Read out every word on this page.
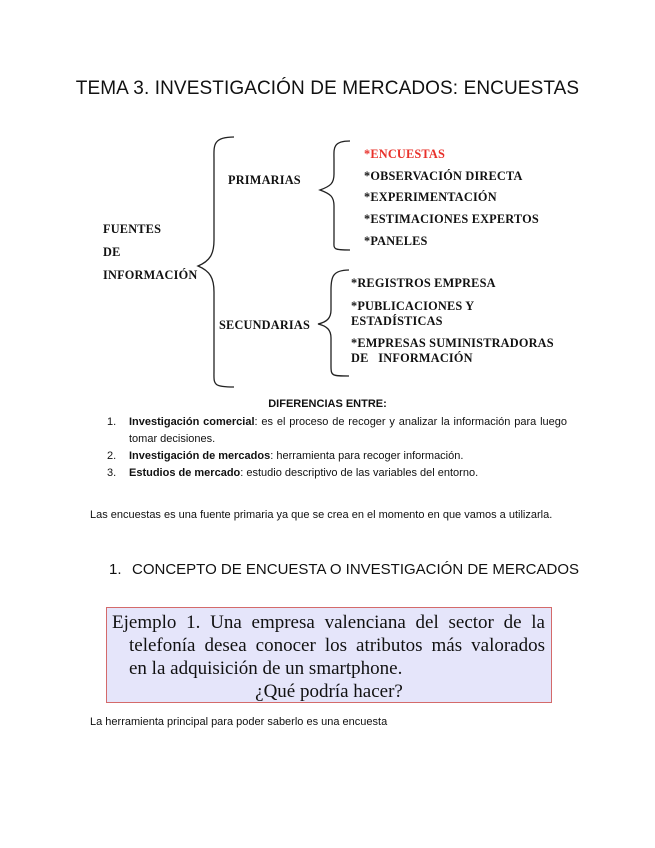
TEMA 3. INVESTIGACIÓN DE MERCADOS: ENCUESTAS
FUENTES
DE
INFORMACIÓN
PRIMARIAS
SECUNDARIAS
*ENCUESTAS
*OBSERVACIÓN DIRECTA
*EXPERIMENTACIÓN
*ESTIMACIONES EXPERTOS
*PANELES
*REGISTROS EMPRESA
*PUBLICACIONES Y
ESTADÍSTICAS
*EMPRESAS SUMINISTRADORAS
DE   INFORMACIÓN
DIFERENCIAS ENTRE:
1. Investigación comercial: es el proceso de recoger y analizar la información para luego tomar decisiones.
2. Investigación de mercados: herramienta para recoger información.
3. Estudios de mercado: estudio descriptivo de las variables del entorno.
Las encuestas es una fuente primaria ya que se crea en el momento en que vamos a utilizarla.
1. CONCEPTO DE ENCUESTA O INVESTIGACIÓN DE MERCADOS
Ejemplo 1. Una empresa valenciana del sector de la
telefonía desea conocer los atributos más valorados
en la adquisición de un smartphone.
¿Qué podría hacer?
La herramienta principal para poder saberlo es una encuesta
